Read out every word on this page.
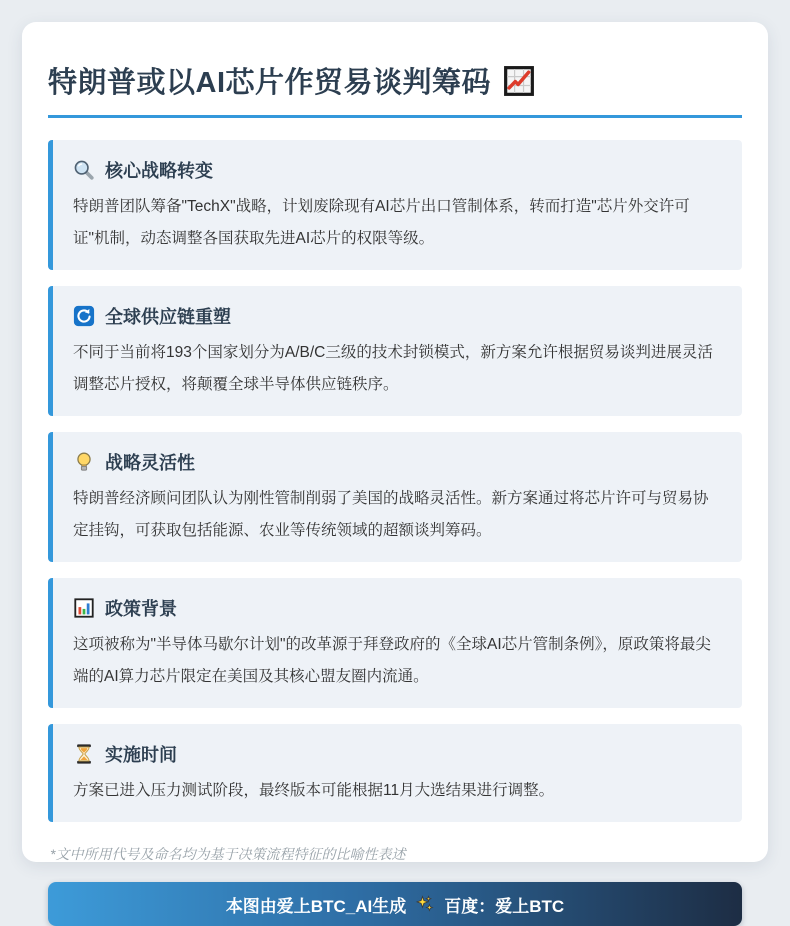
特朗普或以AI芯片作贸易谈判筹码
核心战略转变

特朗普团队筹备"TechX"战略，计划废除现有AI芯片出口管制体系，转而打造"芯片外交许可证"机制，动态调整各国获取先进AI芯片的权限等级。

全球供应链重塑

不同于当前将193个国家划分为A/B/C三级的技术封锁模式，新方案允许根据贸易谈判进展灵活调整芯片授权，将颠覆全球半导体供应链秩序。

战略灵活性

特朗普经济顾问团队认为刚性管制削弱了美国的战略灵活性。新方案通过将芯片许可与贸易协定挂钩，可获取包括能源、农业等传统领域的超额谈判筹码。

政策背景

这项被称为"半导体马歇尔计划"的改革源于拜登政府的《全球AI芯片管制条例》，原政策将最尖端的AI算力芯片限定在美国及其核心盟友圈内流通。

实施时间

方案已进入压力测试阶段，最终版本可能根据11月大选结果进行调整。

*文中所用代号及命名均为基于决策流程特征的比喻性表述

本图由爱上BTC_AI生成 百度：爱上BTC
